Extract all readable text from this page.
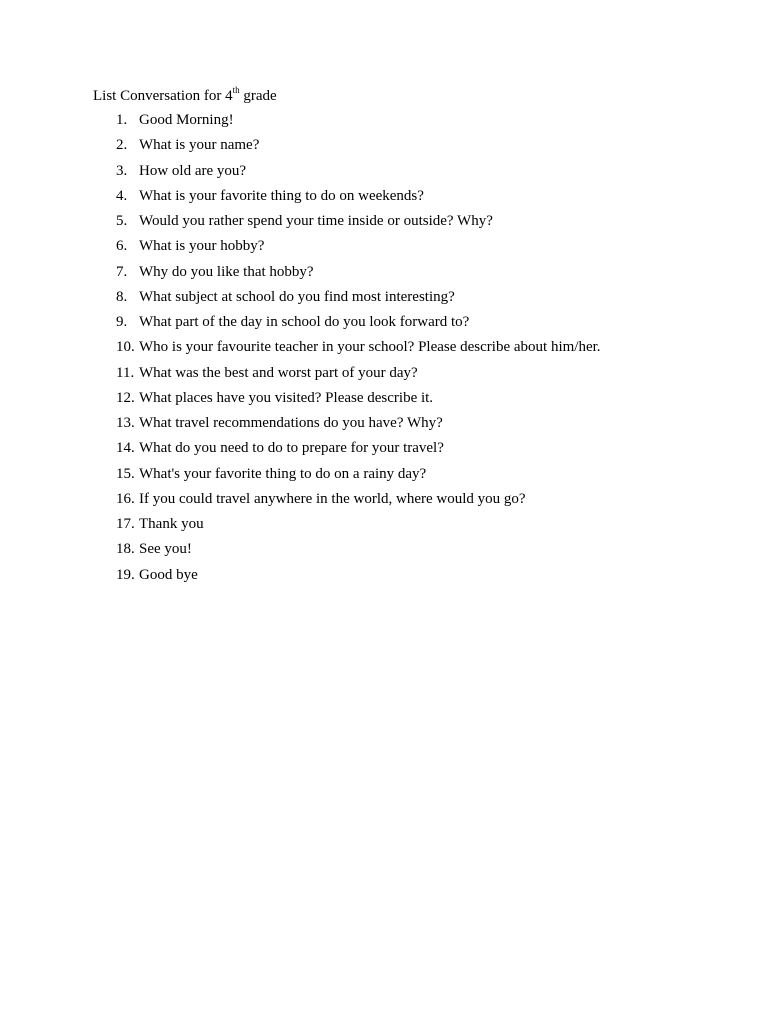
List Conversation for 4th grade
1. Good Morning!
2. What is your name?
3. How old are you?
4. What is your favorite thing to do on weekends?
5. Would you rather spend your time inside or outside? Why?
6. What is your hobby?
7. Why do you like that hobby?
8. What subject at school do you find most interesting?
9. What part of the day in school do you look forward to?
10. Who is your favourite teacher in your school? Please describe about him/her.
11. What was the best and worst part of your day?
12. What places have you visited? Please describe it.
13. What travel recommendations do you have? Why?
14. What do you need to do to prepare for your travel?
15. What's your favorite thing to do on a rainy day?
16. If you could travel anywhere in the world, where would you go?
17. Thank you
18. See you!
19. Good bye
